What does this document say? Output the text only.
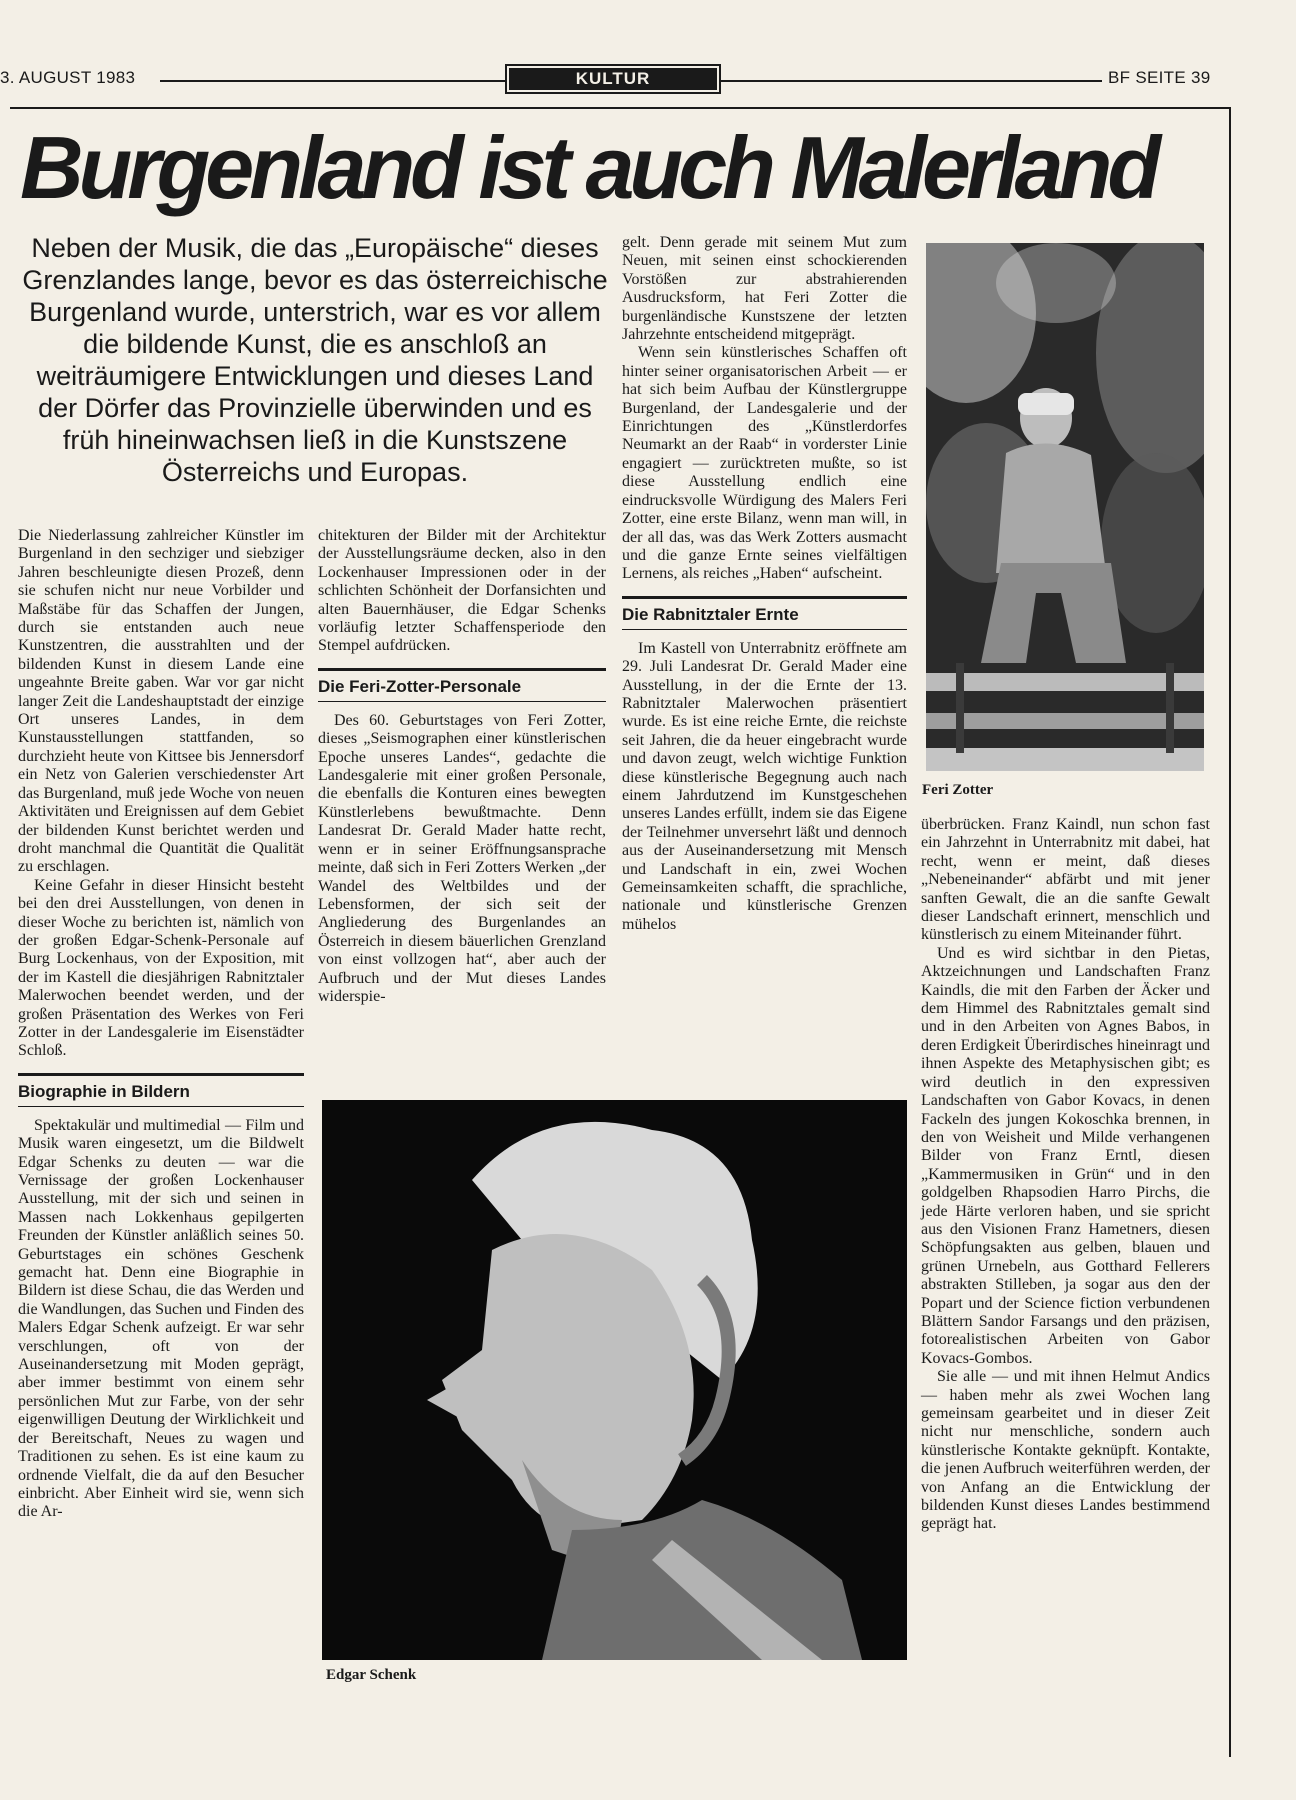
3. AUGUST 1983	KULTUR	BF SEITE 39
Burgenland ist auch Malerland

Neben der Musik, die das „Europäische“ dieses Grenzlandes lange, bevor es das österreichische Burgenland wurde, unterstrich, war es vor allem die bildende Kunst, die es anschloß an weiträumigere Entwicklungen und dieses Land der Dörfer das Provinzielle überwinden und es früh hineinwachsen ließ in die Kunstszene Österreichs und Europas.

Die Niederlassung zahlreicher Künstler im Burgenland in den sechziger und siebziger Jahren beschleunigte diesen Prozeß, denn sie schufen nicht nur neue Vorbilder und Maßstäbe für das Schaffen der Jungen, durch sie entstanden auch neue Kunstzentren, die ausstrahlten und der bildenden Kunst in diesem Lande eine ungeahnte Breite gaben. War vor gar nicht langer Zeit die Landeshauptstadt der einzige Ort unseres Landes, in dem Kunstausstellungen stattfanden, so durchzieht heute von Kittsee bis Jennersdorf ein Netz von Galerien verschiedenster Art das Burgenland, muß jede Woche von neuen Aktivitäten und Ereignissen auf dem Gebiet der bildenden Kunst berichtet werden und droht manchmal die Quantität die Qualität zu erschlagen.

Keine Gefahr in dieser Hinsicht besteht bei den drei Ausstellungen, von denen in dieser Woche zu berichten ist, nämlich von der großen Edgar-Schenk-Personale auf Burg Lockenhaus, von der Exposition, mit der im Kastell die diesjährigen Rabnitztaler Malerwochen beendet werden, und der großen Präsentation des Werkes von Feri Zotter in der Landesgalerie im Eisenstädter Schloß.

Biographie in Bildern

Spektakulär und multimedial — Film und Musik waren eingesetzt, um die Bildwelt Edgar Schenks zu deuten — war die Vernissage der großen Lockenhauser Ausstellung, mit der sich und seinen in Massen nach Lokkenhaus gepilgerten Freunden der Künstler anläßlich seines 50. Geburtstages ein schönes Geschenk gemacht hat. Denn eine Biographie in Bildern ist diese Schau, die das Werden und die Wandlungen, das Suchen und Finden des Malers Edgar Schenk aufzeigt. Er war sehr verschlungen, oft von der Auseinandersetzung mit Moden geprägt, aber immer bestimmt von einem sehr persönlichen Mut zur Farbe, von der sehr eigenwilligen Deutung der Wirklichkeit und der Bereitschaft, Neues zu wagen und Traditionen zu sehen. Es ist eine kaum zu ordnende Vielfalt, die da auf den Besucher einbricht. Aber Einheit wird sie, wenn sich die Ar-

chitekturen der Bilder mit der Architektur der Ausstellungsräume decken, also in den Lockenhauser Impressionen oder in der schlichten Schönheit der Dorfansichten und alten Bauernhäuser, die Edgar Schenks vorläufig letzter Schaffensperiode den Stempel aufdrücken.

Die Feri-Zotter-Personale

Des 60. Geburtstages von Feri Zotter, dieses „Seismographen einer künstlerischen Epoche unseres Landes“, gedachte die Landesgalerie mit einer großen Personale, die ebenfalls die Konturen eines bewegten Künstlerlebens bewußtmachte. Denn Landesrat Dr. Gerald Mader hatte recht, wenn er in seiner Eröffnungsansprache meinte, daß sich in Feri Zotters Werken „der Wandel des Weltbildes und der Lebensformen, der sich seit der Angliederung des Burgenlandes an Österreich in diesem bäuerlichen Grenzland von einst vollzogen hat“, aber auch der Aufbruch und der Mut dieses Landes widerspie-

gelt. Denn gerade mit seinem Mut zum Neuen, mit seinen einst schockierenden Vorstößen zur abstrahierenden Ausdrucksform, hat Feri Zotter die burgenländische Kunstszene der letzten Jahrzehnte entscheidend mitgeprägt.

Wenn sein künstlerisches Schaffen oft hinter seiner organisatorischen Arbeit — er hat sich beim Aufbau der Künstlergruppe Burgenland, der Landesgalerie und der Einrichtungen des „Künstlerdorfes Neumarkt an der Raab“ in vorderster Linie engagiert — zurücktreten mußte, so ist diese Ausstellung endlich eine eindrucksvolle Würdigung des Malers Feri Zotter, eine erste Bilanz, wenn man will, in der all das, was das Werk Zotters ausmacht und die ganze Ernte seines vielfältigen Lernens, als reiches „Haben“ aufscheint.

Die Rabnitztaler Ernte

Im Kastell von Unterrabnitz eröffnete am 29. Juli Landesrat Dr. Gerald Mader eine Ausstellung, in der die Ernte der 13. Rabnitztaler Malerwochen präsentiert wurde. Es ist eine reiche Ernte, die reichste seit Jahren, die da heuer eingebracht wurde und davon zeugt, welch wichtige Funktion diese künstlerische Begegnung auch nach einem Jahrdutzend im Kunstgeschehen unseres Landes erfüllt, indem sie das Eigene der Teilnehmer unversehrt läßt und dennoch aus der Auseinandersetzung mit Mensch und Landschaft in ein, zwei Wochen Gemeinsamkeiten schafft, die sprachliche, nationale und künstlerische Grenzen mühelos

überbrücken. Franz Kaindl, nun schon fast ein Jahrzehnt in Unterrabnitz mit dabei, hat recht, wenn er meint, daß dieses „Nebeneinander“ abfärbt und mit jener sanften Gewalt, die an die sanfte Gewalt dieser Landschaft erinnert, menschlich und künstlerisch zu einem Miteinander führt.

Und es wird sichtbar in den Pietas, Aktzeichnungen und Landschaften Franz Kaindls, die mit den Farben der Äcker und dem Himmel des Rabnitztales gemalt sind und in den Arbeiten von Agnes Babos, in deren Erdigkeit Überirdisches hineinragt und ihnen Aspekte des Metaphysischen gibt; es wird deutlich in den expressiven Landschaften von Gabor Kovacs, in denen Fackeln des jungen Kokoschka brennen, in den von Weisheit und Milde verhangenen Bilder von Franz Erntl, diesen „Kammermusiken in Grün“ und in den goldgelben Rhapsodien Harro Pirchs, die jede Härte verloren haben, und sie spricht aus den Visionen Franz Hametners, diesen Schöpfungsakten aus gelben, blauen und grünen Urnebeln, aus Gotthard Fellerers abstrakten Stilleben, ja sogar aus den der Popart und der Science fiction verbundenen Blättern Sandor Farsangs und den präzisen, fotorealistischen Arbeiten von Gabor Kovacs-Gombos.

Sie alle — und mit ihnen Helmut Andics — haben mehr als zwei Wochen lang gemeinsam gearbeitet und in dieser Zeit nicht nur menschliche, sondern auch künstlerische Kontakte geknüpft. Kontakte, die jenen Aufbruch weiterführen werden, der von Anfang an die Entwicklung der bildenden Kunst dieses Landes bestimmend geprägt hat.

Feri Zotter
Edgar Schenk
